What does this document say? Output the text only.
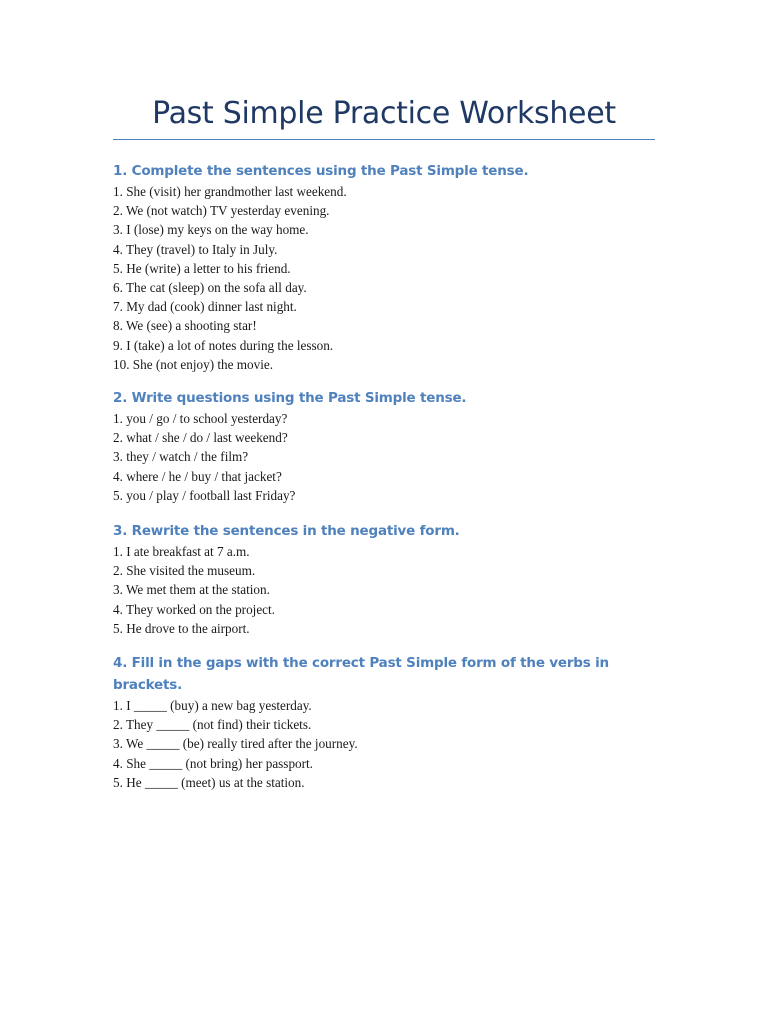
Past Simple Practice Worksheet
1. Complete the sentences using the Past Simple tense.
1. She (visit) her grandmother last weekend.
2. We (not watch) TV yesterday evening.
3. I (lose) my keys on the way home.
4. They (travel) to Italy in July.
5. He (write) a letter to his friend.
6. The cat (sleep) on the sofa all day.
7. My dad (cook) dinner last night.
8. We (see) a shooting star!
9. I (take) a lot of notes during the lesson.
10. She (not enjoy) the movie.
2. Write questions using the Past Simple tense.
1. you / go / to school yesterday?
2. what / she / do / last weekend?
3. they / watch / the film?
4. where / he / buy / that jacket?
5. you / play / football last Friday?
3. Rewrite the sentences in the negative form.
1. I ate breakfast at 7 a.m.
2. She visited the museum.
3. We met them at the station.
4. They worked on the project.
5. He drove to the airport.
4. Fill in the gaps with the correct Past Simple form of the verbs in brackets.
1. I _____ (buy) a new bag yesterday.
2. They _____ (not find) their tickets.
3. We _____ (be) really tired after the journey.
4. She _____ (not bring) her passport.
5. He _____ (meet) us at the station.
